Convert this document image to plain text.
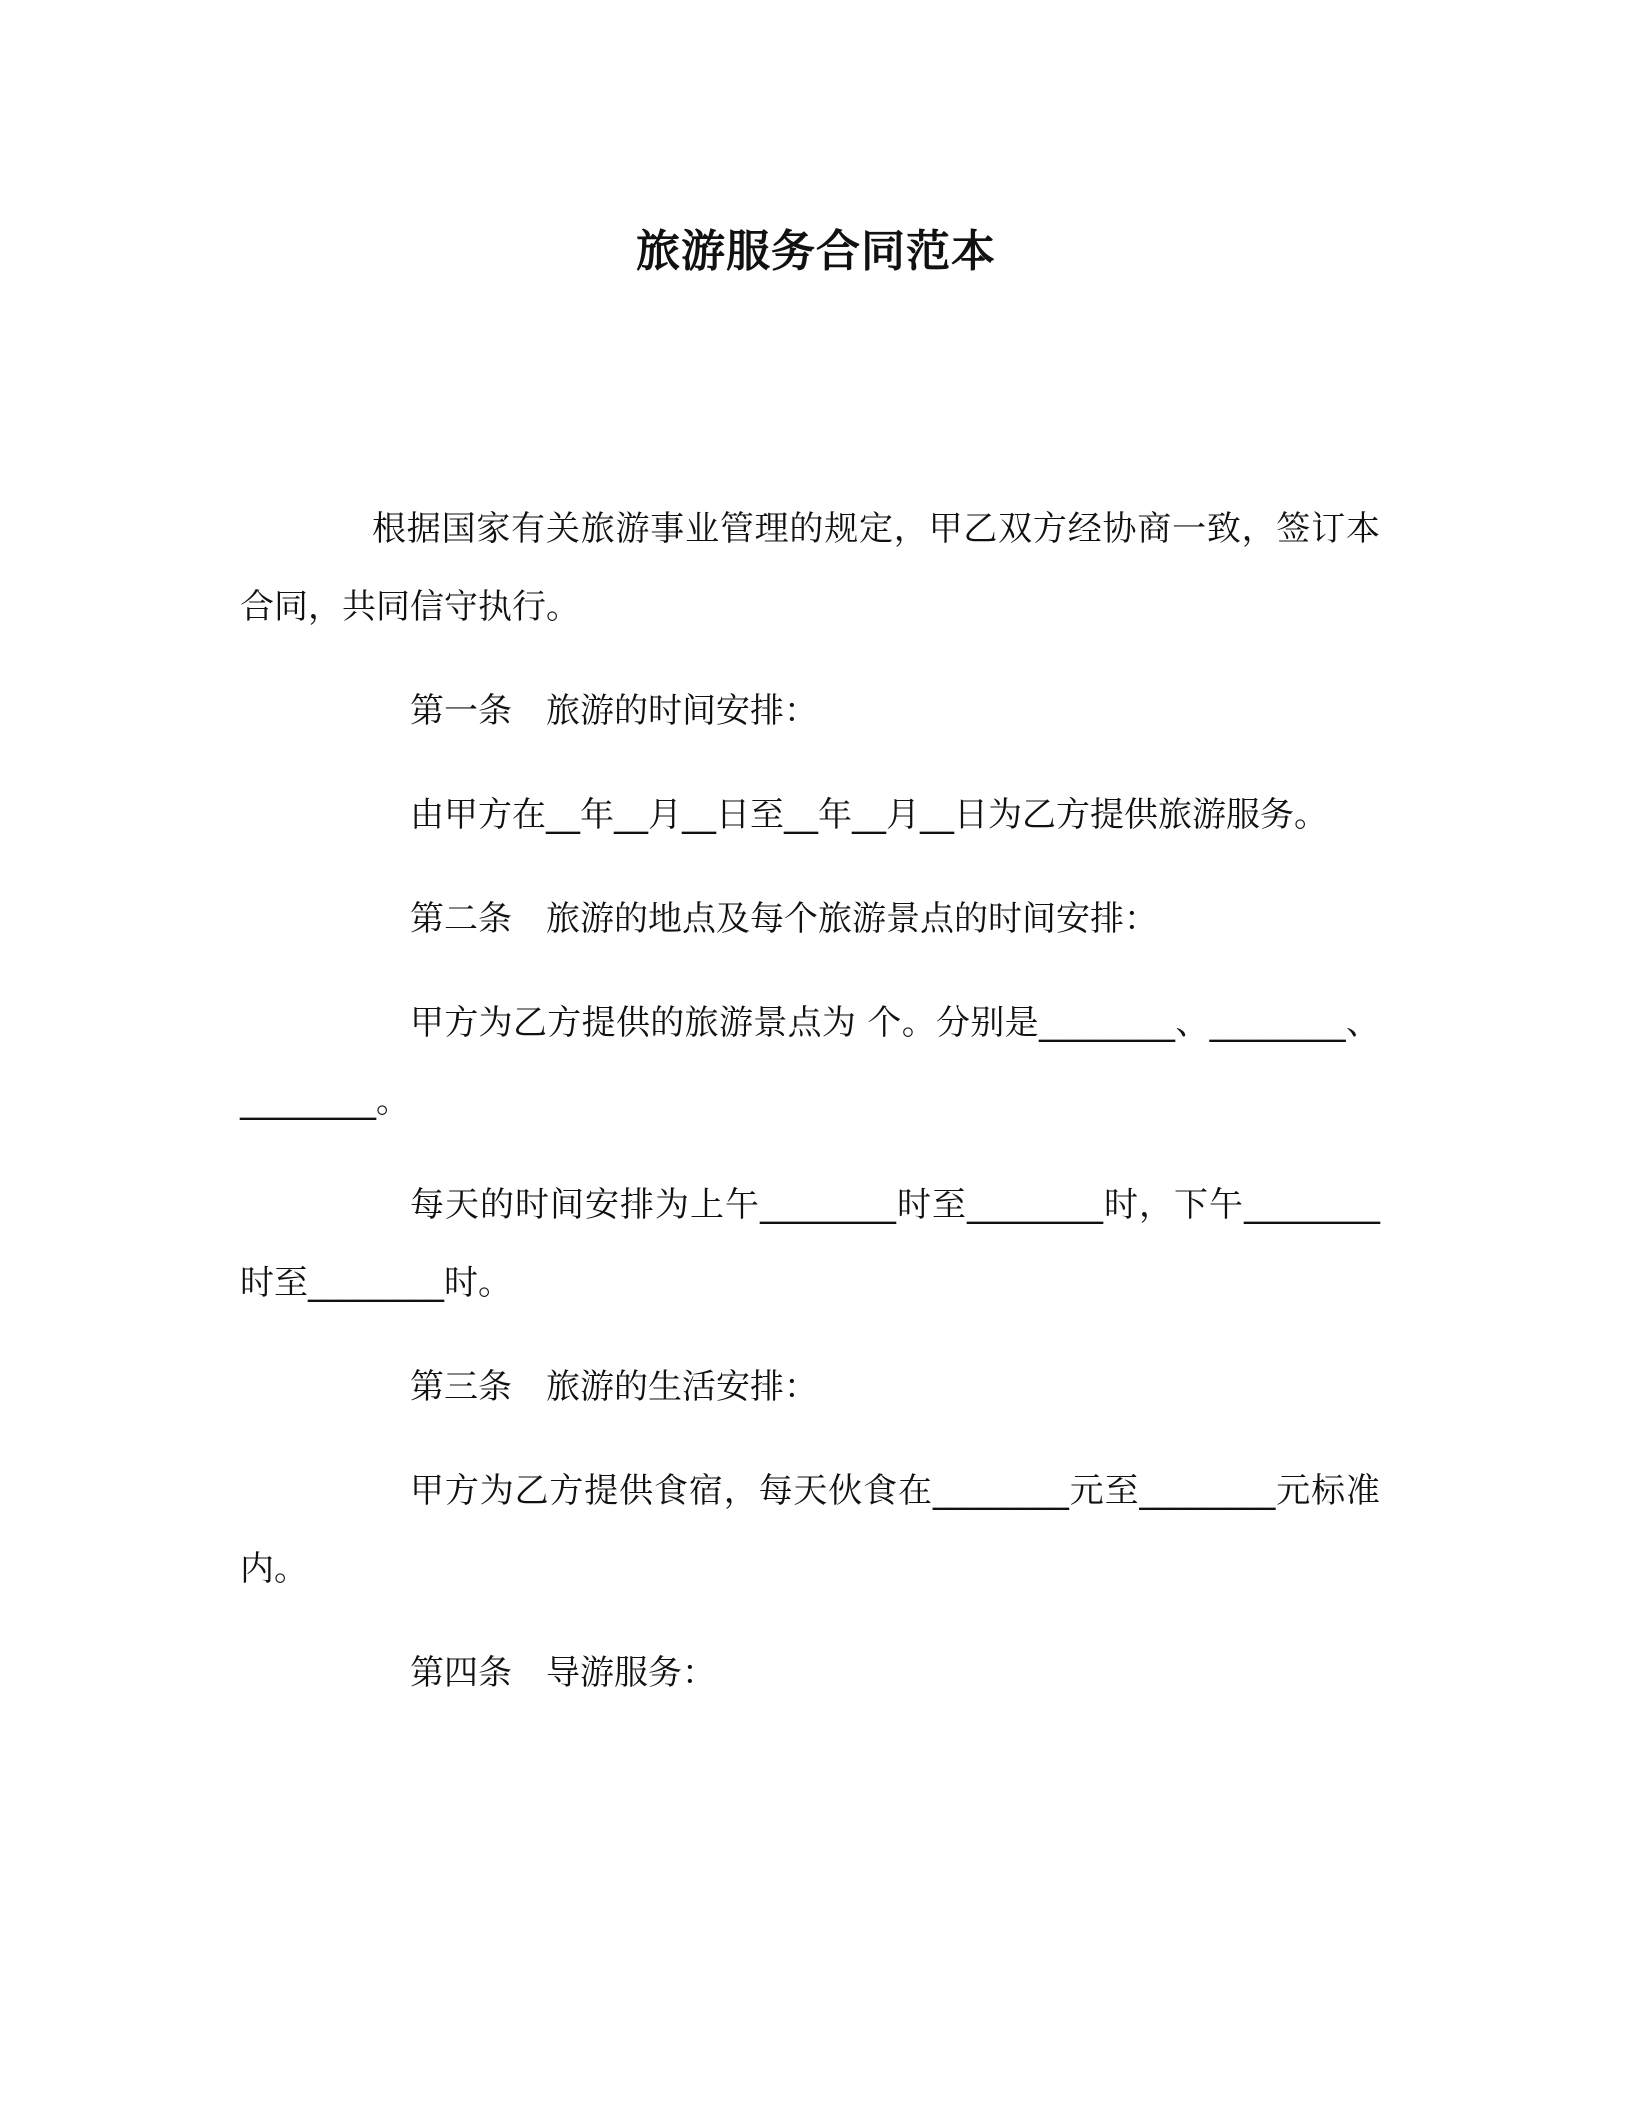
旅游服务合同范本

根据国家有关旅游事业管理的规定，甲乙双方经协商一致，签订本合同，共同信守执行。

第一条　旅游的时间安排：

由甲方在__年__月__日至__年__月__日为乙方提供旅游服务。

第二条　旅游的地点及每个旅游景点的时间安排：

甲方为乙方提供的旅游景点为 个。分别是________、________、________。

每天的时间安排为上午________时至________时，下午________时至________时。

第三条　旅游的生活安排：

甲方为乙方提供食宿，每天伙食在________元至________元标准内。

第四条　导游服务：
